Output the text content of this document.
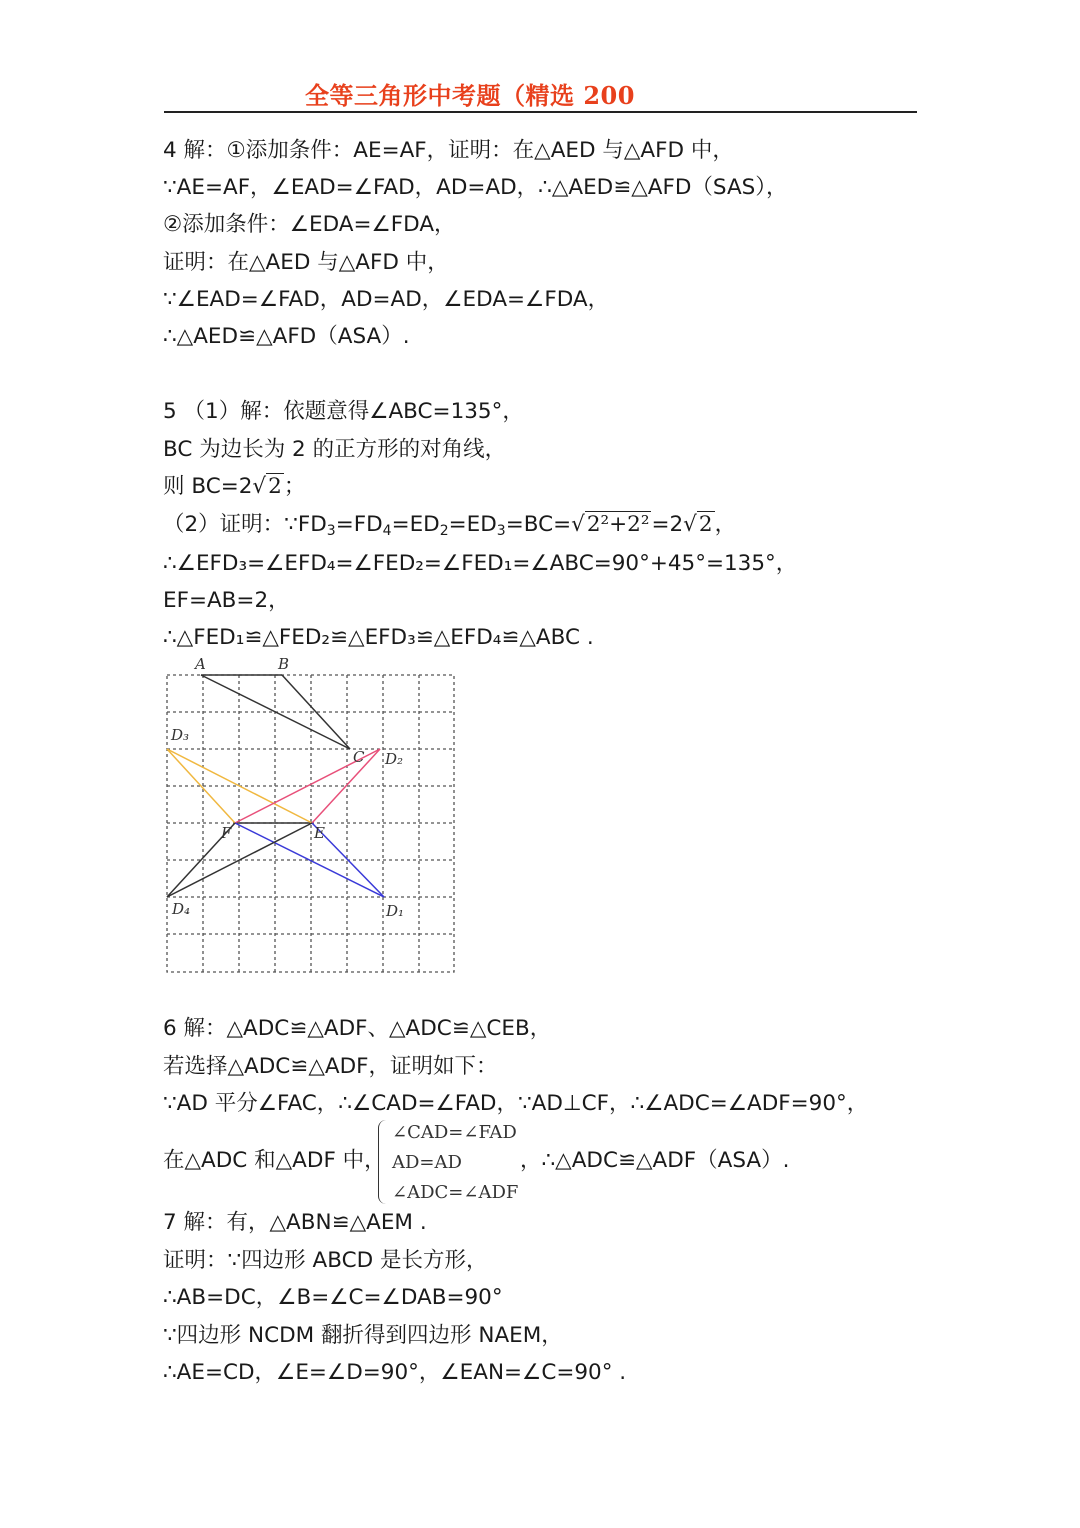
全等三角形中考题（精选 200
4 解：①添加条件：AE=AF，证明：在△AED 与△AFD 中，
∵AE=AF，∠EAD=∠FAD，AD=AD，∴△AED≌△AFD（SAS），
②添加条件：∠EDA=∠FDA，
证明：在△AED 与△AFD 中，
∵∠EAD=∠FAD，AD=AD，∠EDA=∠FDA，
∴△AED≌△AFD（ASA）.
5 （1）解：依题意得∠ABC=135°，
BC 为边长为 2 的正方形的对角线，
则 BC=2√2；
（2）证明：$\because FD_3=FD_4=ED_2=ED_3=BC=√2^2+2^2=2√2$，
∴∠EFD₃=∠EFD₄=∠FED₂=∠FED₁=∠ABC=90°+45°=135°，
EF=AB=2，
∴△FED₁≌△FED₂≌△EFD₃≌△EFD₄≌△ABC .
A	B
C D₂
D₃
F	E
D₄	D₁
6 解：△ADC≌△ADF、△ADC≌△CEB，
若选择△ADC≌△ADF，证明如下：
∵AD 平分∠FAC，∴∠CAD=∠FAD，∵AD⊥CF，∴∠ADC=∠ADF=90°，
在△ADC 和△ADF 中，
∠CAD=∠FAD
AD=AD
∠ADC=∠ADF
，∴△ADC≌△ADF（ASA）.
7 解：有，△ABN≌△AEM .
证明：∵四边形 ABCD 是长方形，
∴AB=DC，∠B=∠C=∠DAB=90°
∵四边形 NCDM 翻折得到四边形 NAEM，
∴AE=CD，∠E=∠D=90°，∠EAN=∠C=90° .
